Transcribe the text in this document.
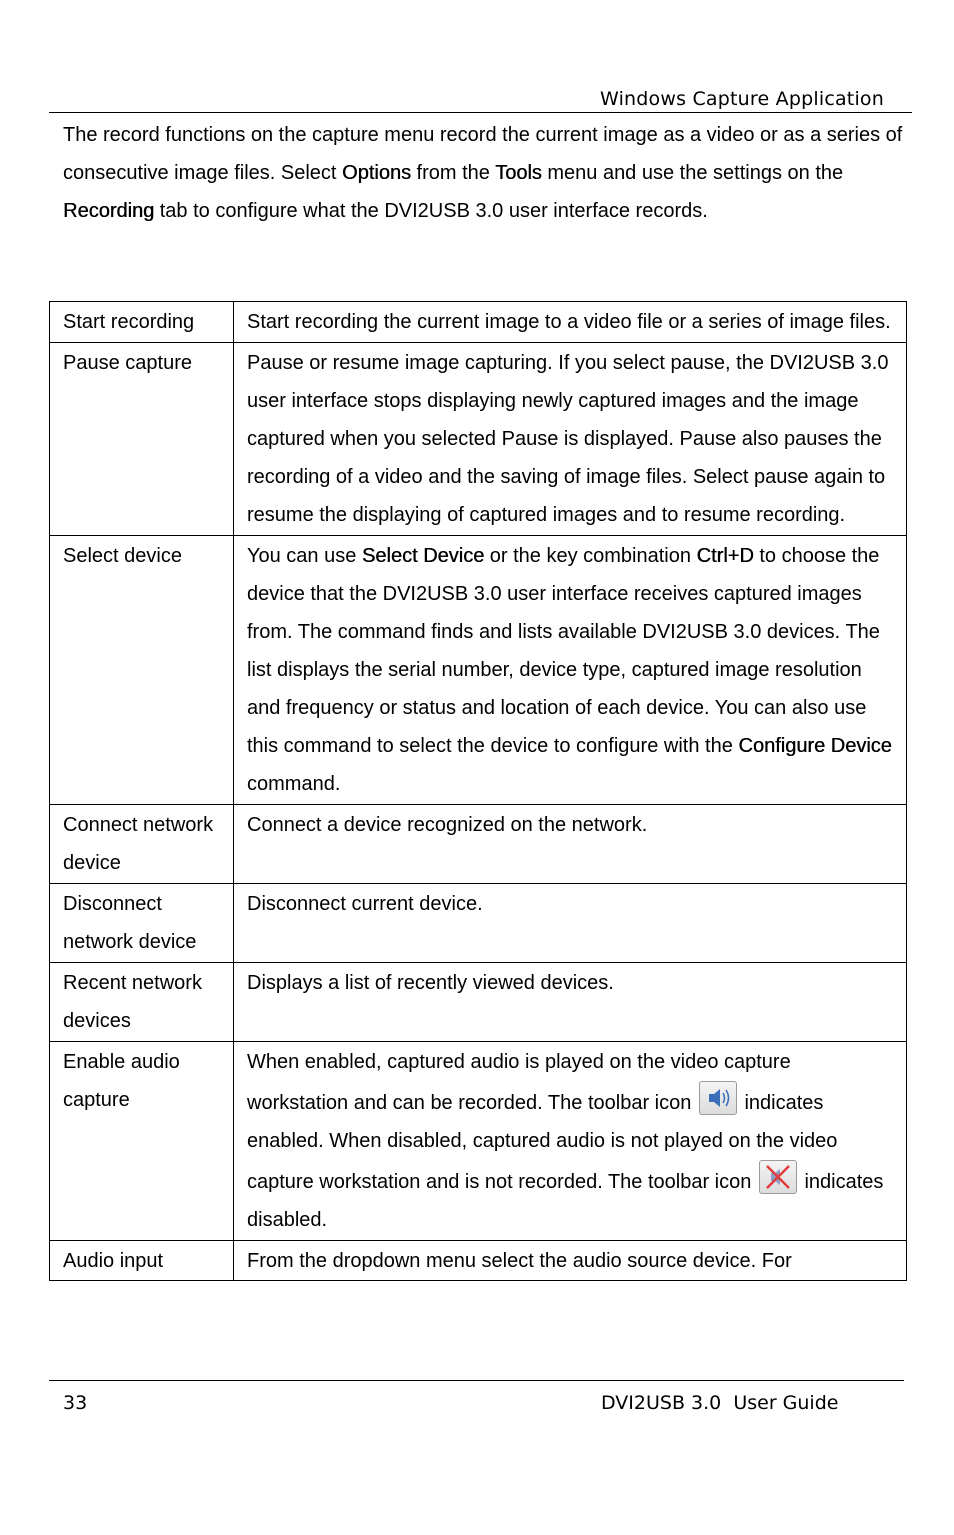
Windows Capture Application
The record functions on the capture menu record the current image as a video or as a series of consecutive image files. Select Options from the Tools menu and use the settings on the Recording tab to configure what the DVI2USB 3.0 user interface records.
Start recording	Start recording the current image to a video file or a series of image files.
Pause capture	Pause or resume image capturing. If you select pause, the DVI2USB 3.0 user interface stops displaying newly captured images and the image captured when you selected Pause is displayed. Pause also pauses the recording of a video and the saving of image files. Select pause again to resume the displaying of captured images and to resume recording.
Select device	You can use Select Device or the key combination Ctrl+D to choose the device that the DVI2USB 3.0 user interface receives captured images from. The command finds and lists available DVI2USB 3.0 devices. The list displays the serial number, device type, captured image resolution and frequency or status and location of each device. You can also use this command to select the device to configure with the Configure Device command.
Connect network device	Connect a device recognized on the network.
Disconnect network device	Disconnect current device.
Recent network devices	Displays a list of recently viewed devices.
Enable audio capture	When enabled, captured audio is played on the video capture workstation and can be recorded. The toolbar icon
indicates enabled. When disabled, captured audio is not played on the video capture workstation and is not recorded. The toolbar icon
indicates disabled.
Audio input	From the dropdown menu select the audio source device. For
33	DVI2USB 3.0  User Guide
